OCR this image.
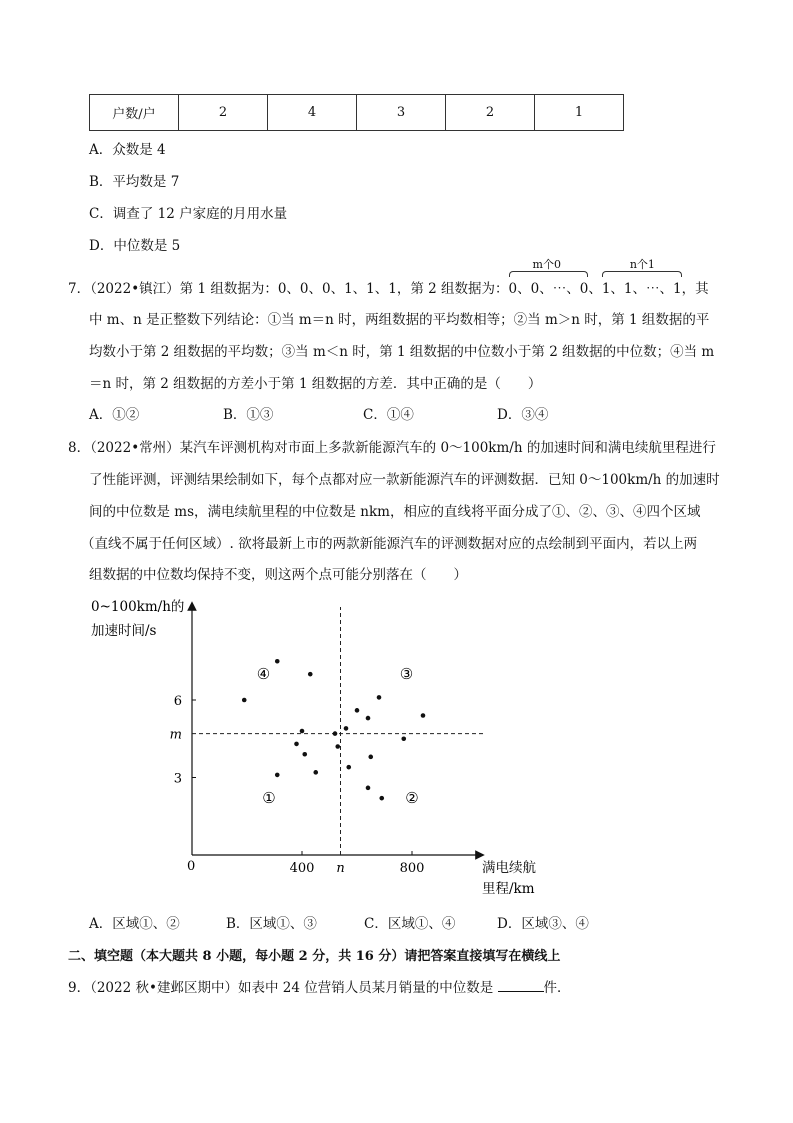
户数/户	2	4	3	2	1
A．众数是 4
B．平均数是 7
C．调查了 12 户家庭的月用水量
D．中位数是 5
7．（2022•镇江）第 1 组数据为：0、0、0、1、1、1，第 2 组数据为：
m个0
0、0、⋯、0、
n个1
1、1、⋯、1，其
中 m、n 是正整数下列结论：①当 m＝n 时，两组数据的平均数相等；②当 m＞n 时，第 1 组数据的平
均数小于第 2 组数据的平均数；③当 m＜n 时，第 1 组数据的中位数小于第 2 组数据的中位数；④当 m
＝n 时，第 2 组数据的方差小于第 1 组数据的方差．其中正确的是（　　）
A．①②	B．①③	C．①④	D．③④
8．（2022•常州）某汽车评测机构对市面上多款新能源汽车的 0～100km/h 的加速时间和满电续航里程进行
了性能评测，评测结果绘制如下，每个点都对应一款新能源汽车的评测数据．已知 0～100km/h 的加速时
间的中位数是 ms，满电续航里程的中位数是 nkm，相应的直线将平面分成了①、②、③、④四个区域
（直线不属于任何区域）. 欲将最新上市的两款新能源汽车的评测数据对应的点绘制到平面内，若以上两
组数据的中位数均保持不变，则这两个点可能分别落在（　　）
400	800
3
6
n
m
④	③
①	②
0~100km/h的
加速时间/s
满电续航
里程/km
0
A．区域①、②	B．区域①、③	C．区域①、④	D．区域③、④
二、填空题（本大题共 8 小题，每小题 2 分，共 16 分）请把答案直接填写在横线上
9．（2022 秋•建邺区期中）如表中 24 位营销人员某月销量的中位数是	件．
